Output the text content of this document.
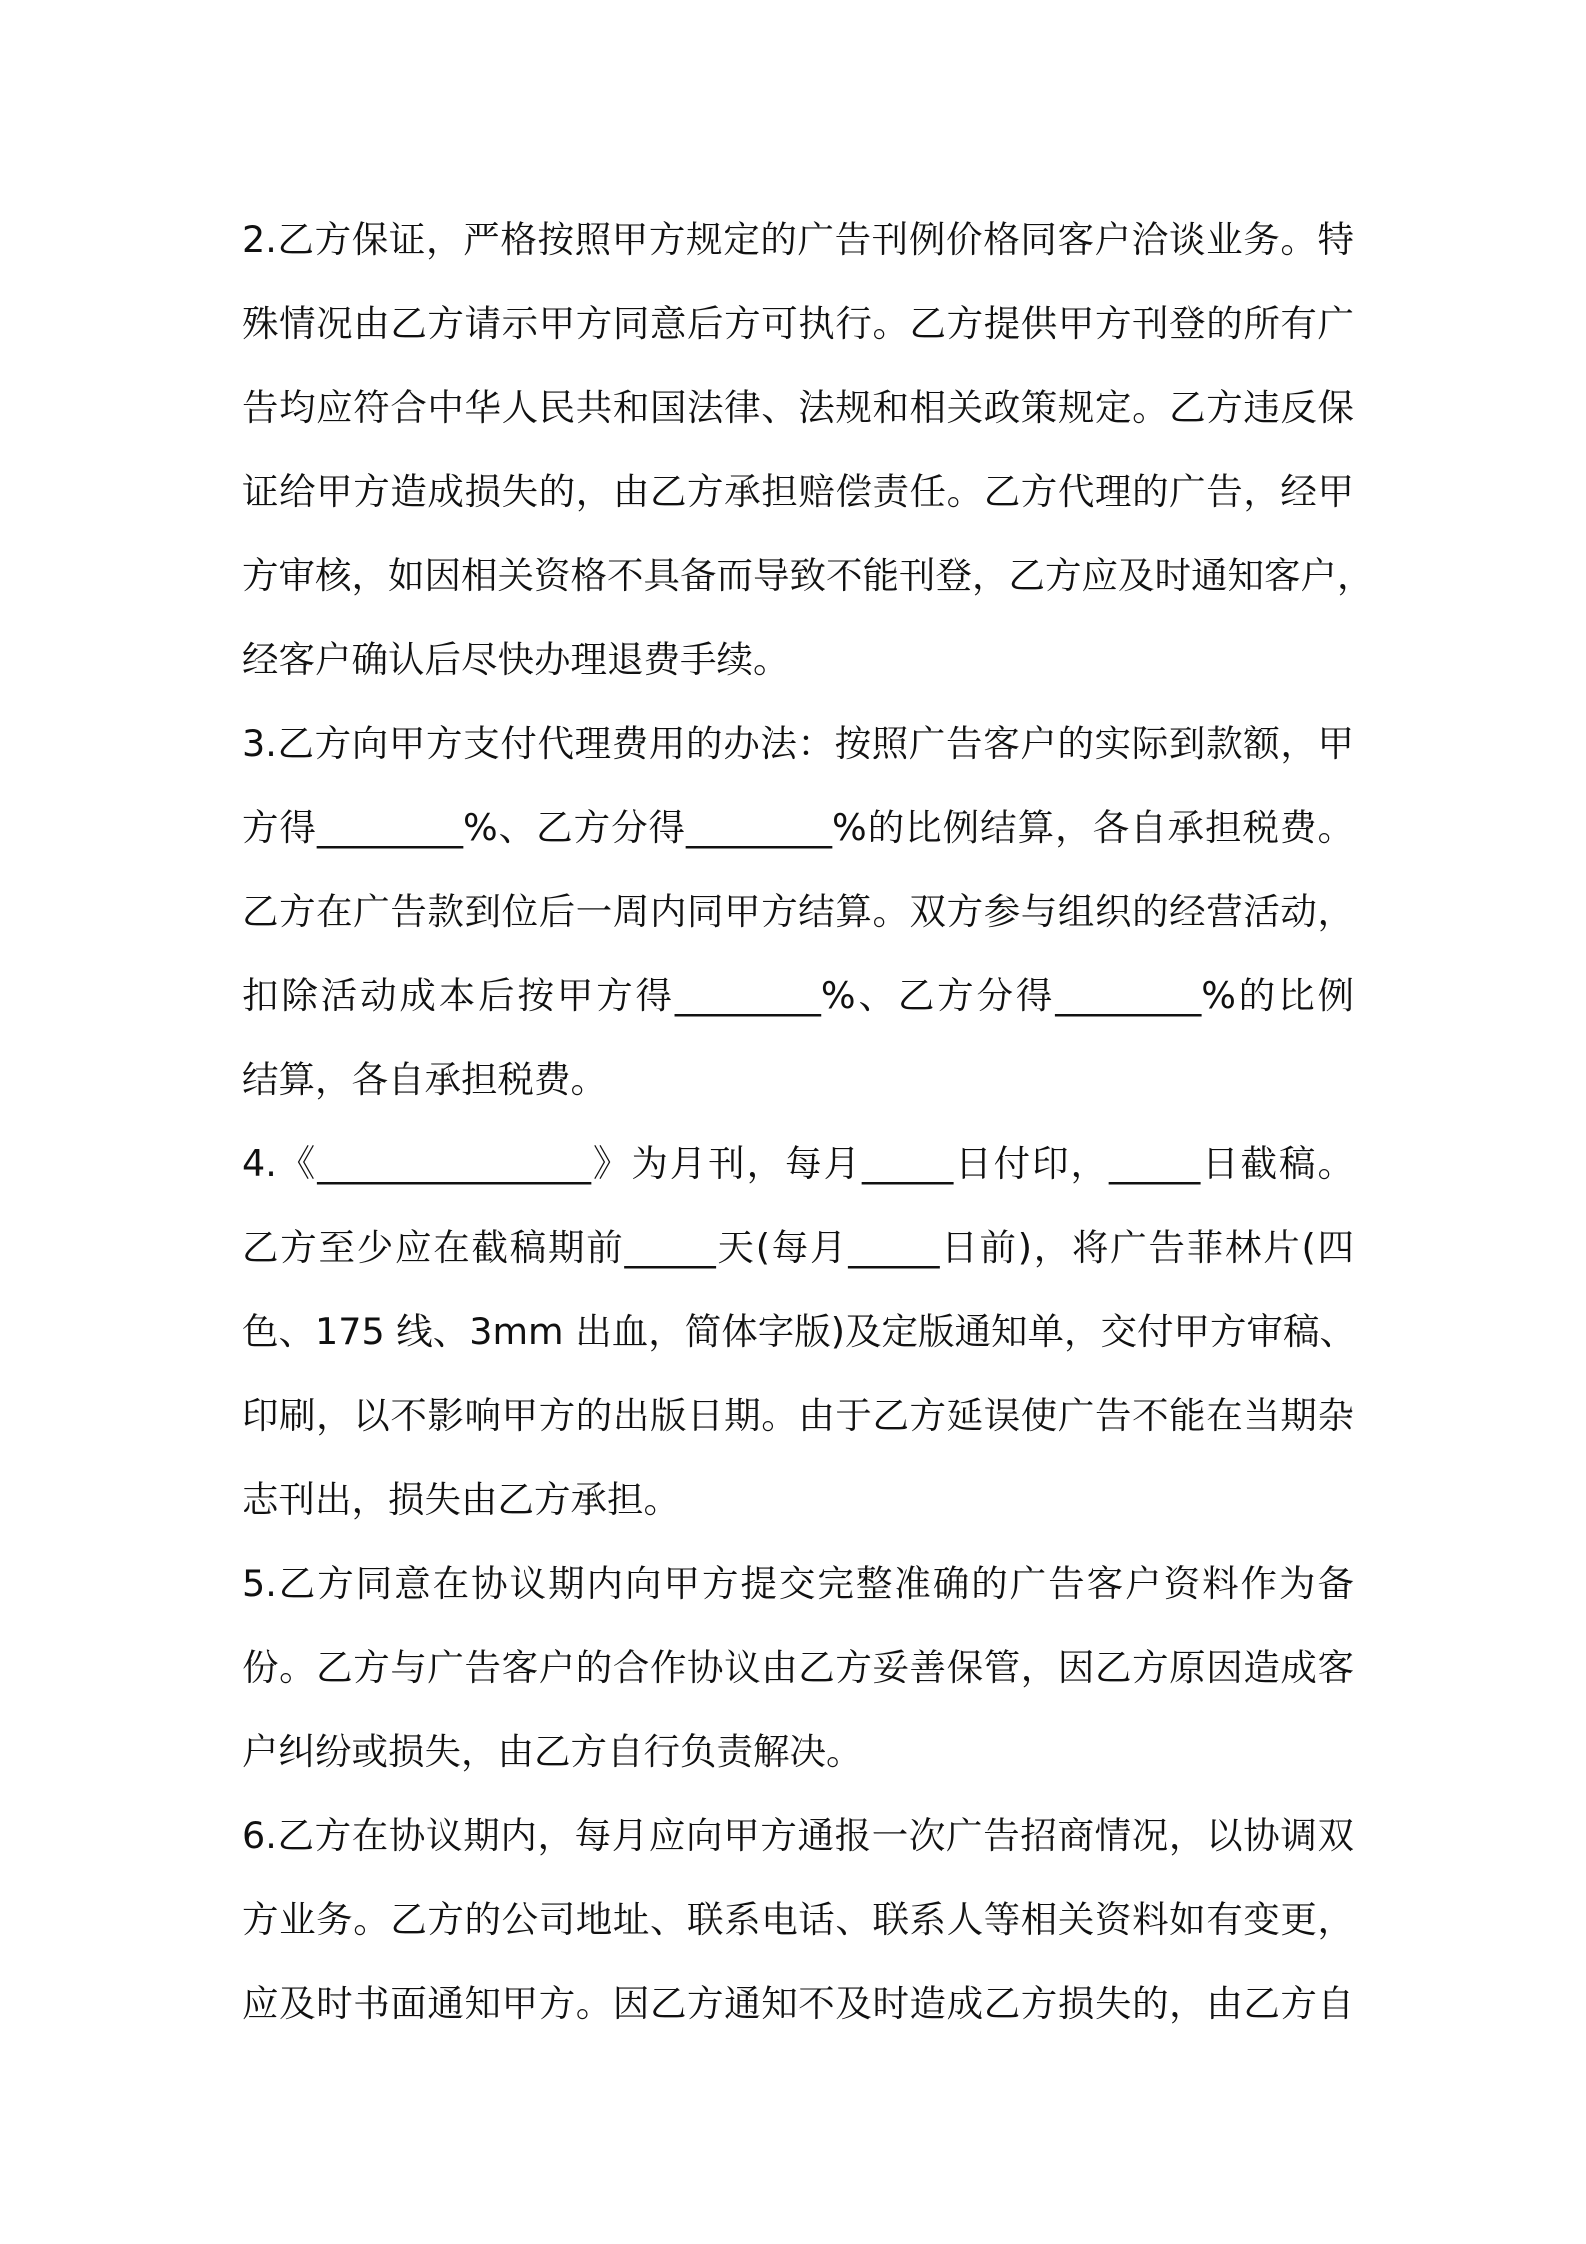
2.乙方保证，严格按照甲方规定的广告刊例价格同客户洽谈业务。特
殊情况由乙方请示甲方同意后方可执行。乙方提供甲方刊登的所有广
告均应符合中华人民共和国法律、法规和相关政策规定。乙方违反保
证给甲方造成损失的，由乙方承担赔偿责任。乙方代理的广告，经甲
方审核，如因相关资格不具备而导致不能刊登，乙方应及时通知客户，
经客户确认后尽快办理退费手续。
3.乙方向甲方支付代理费用的办法：按照广告客户的实际到款额，甲
方得________%、乙方分得________%的比例结算，各自承担税费。
乙方在广告款到位后一周内同甲方结算。双方参与组织的经营活动，
扣除活动成本后按甲方得________%、乙方分得________%的比例
结算，各自承担税费。
4.《_______________》为月刊，每月_____日付印，_____日截稿。
乙方至少应在截稿期前_____天(每月_____日前)，将广告菲林片(四
色、175 线、3mm 出血，简体字版)及定版通知单，交付甲方审稿、
印刷，以不影响甲方的出版日期。由于乙方延误使广告不能在当期杂
志刊出，损失由乙方承担。
5.乙方同意在协议期内向甲方提交完整准确的广告客户资料作为备
份。乙方与广告客户的合作协议由乙方妥善保管，因乙方原因造成客
户纠纷或损失，由乙方自行负责解决。
6.乙方在协议期内，每月应向甲方通报一次广告招商情况，以协调双
方业务。乙方的公司地址、联系电话、联系人等相关资料如有变更，
应及时书面通知甲方。因乙方通知不及时造成乙方损失的，由乙方自
